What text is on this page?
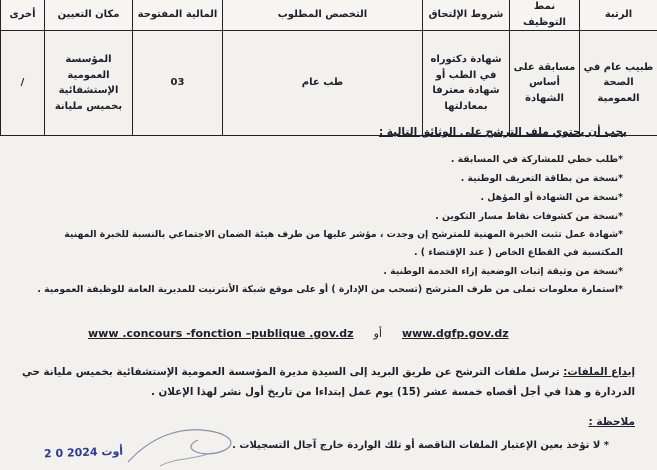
الرتبة	نمط التوظيف	شروط الإلتحاق	التخصص المطلوب	المالية المفتوحة	مكان التعيين	أخرى
طبيب عام في الصحة العمومية	مسابقة على أساس الشهادة	شهادة دكتوراه في الطب أو شهادة معترفا بمعادلتها	طب عام	03	المؤسسة العمومية الإستشفائية بخميس مليانة	/
يجب أن يحتوي ملف الترشح على الوثائق التالية :
*طلب خطي للمشاركة في المسابقة .
*نسخة من بطاقة التعريف الوطنية .
*نسخة من الشهادة أو المؤهل .
*نسخة من كشوفات نقاط مسار التكوين .
*شهادة عمل تثبت الخبرة المهنية للمترشح إن وجدت ، مؤشر عليها من طرف هيئة الضمان الاجتماعي بالنسبة للخبرة المهنية المكتسبة في القطاع الخاص ( عند الإقتضاء ) .
*نسخة من وثيقة إثبات الوضعية إزاء الخدمة الوطنية .
*استمارة معلومات تملى من طرف المترشح (تسحب من الإدارة ) أو على موقع شبكة الأنترنيت للمديرية العامة للوظيفة العمومية .
www .concours -fonction –publique .gov.dz أو www.dgfp.gov.dz
إيداع الملفات: ترسل ملفات الترشح عن طريق البريد إلى السيدة مديرة المؤسسة العمومية الإستشفائية بخميس مليانة حي الدردارة و هذا في أجل أقصاه خمسة عشر (15) يوم عمل إبتداءا من تاريخ أول نشر لهذا الإعلان .
ملاحظة :
* لا تؤخذ بعين الإعتبار الملفات الناقصة أو تلك الواردة خارج آجال التسجيلات .
2 0 أوت 2024
